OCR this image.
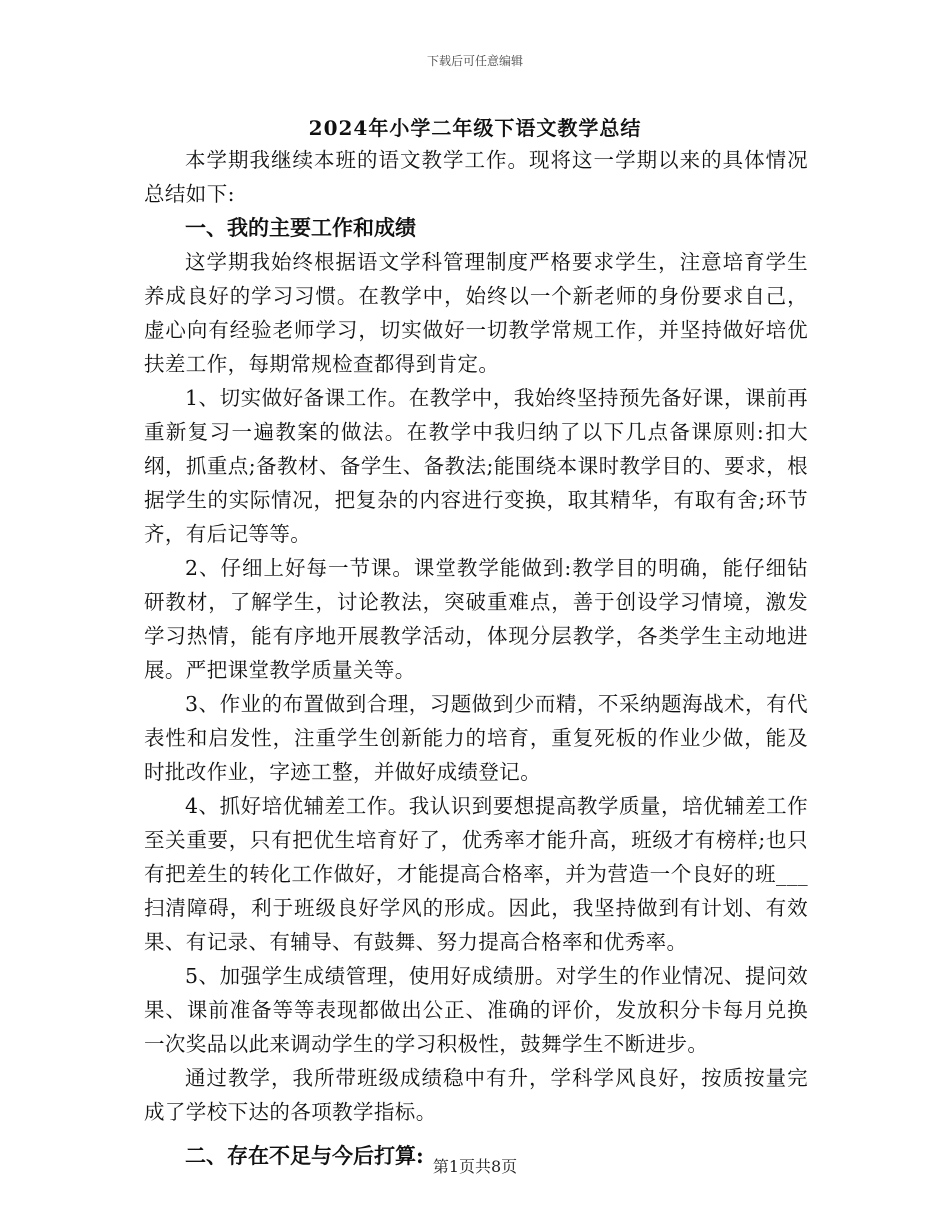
下载后可任意编辑
2024年小学二年级下语文教学总结

本学期我继续本班的语文教学工作。现将这一学期以来的具体情况总结如下:

一、我的主要工作和成绩

这学期我始终根据语文学科管理制度严格要求学生，注意培育学生养成良好的学习习惯。在教学中，始终以一个新老师的身份要求自己，虚心向有经验老师学习，切实做好一切教学常规工作，并坚持做好培优扶差工作，每期常规检查都得到肯定。

1、切实做好备课工作。在教学中，我始终坚持预先备好课，课前再重新复习一遍教案的做法。在教学中我归纳了以下几点备课原则:扣大纲，抓重点;备教材、备学生、备教法;能围绕本课时教学目的、要求，根据学生的实际情况，把复杂的内容进行变换，取其精华，有取有舍;环节齐，有后记等等。

2、仔细上好每一节课。课堂教学能做到:教学目的明确，能仔细钻研教材，了解学生，讨论教法，突破重难点，善于创设学习情境，激发学习热情，能有序地开展教学活动，体现分层教学，各类学生主动地进展。严把课堂教学质量关等。

3、作业的布置做到合理，习题做到少而精，不采纳题海战术，有代表性和启发性，注重学生创新能力的培育，重复死板的作业少做，能及时批改作业，字迹工整，并做好成绩登记。

4、抓好培优辅差工作。我认识到要想提高教学质量，培优辅差工作至关重要，只有把优生培育好了，优秀率才能升高，班级才有榜样;也只有把差生的转化工作做好，才能提高合格率，并为营造一个良好的班___扫清障碍，利于班级良好学风的形成。因此，我坚持做到有计划、有效果、有记录、有辅导、有鼓舞、努力提高合格率和优秀率。

5、加强学生成绩管理，使用好成绩册。对学生的作业情况、提问效果、课前准备等等表现都做出公正、准确的评价，发放积分卡每月兑换一次奖品以此来调动学生的学习积极性，鼓舞学生不断进步。

通过教学，我所带班级成绩稳中有升，学科学风良好，按质按量完成了学校下达的各项教学指标。

二、存在不足与今后打算: 第1页共8页
